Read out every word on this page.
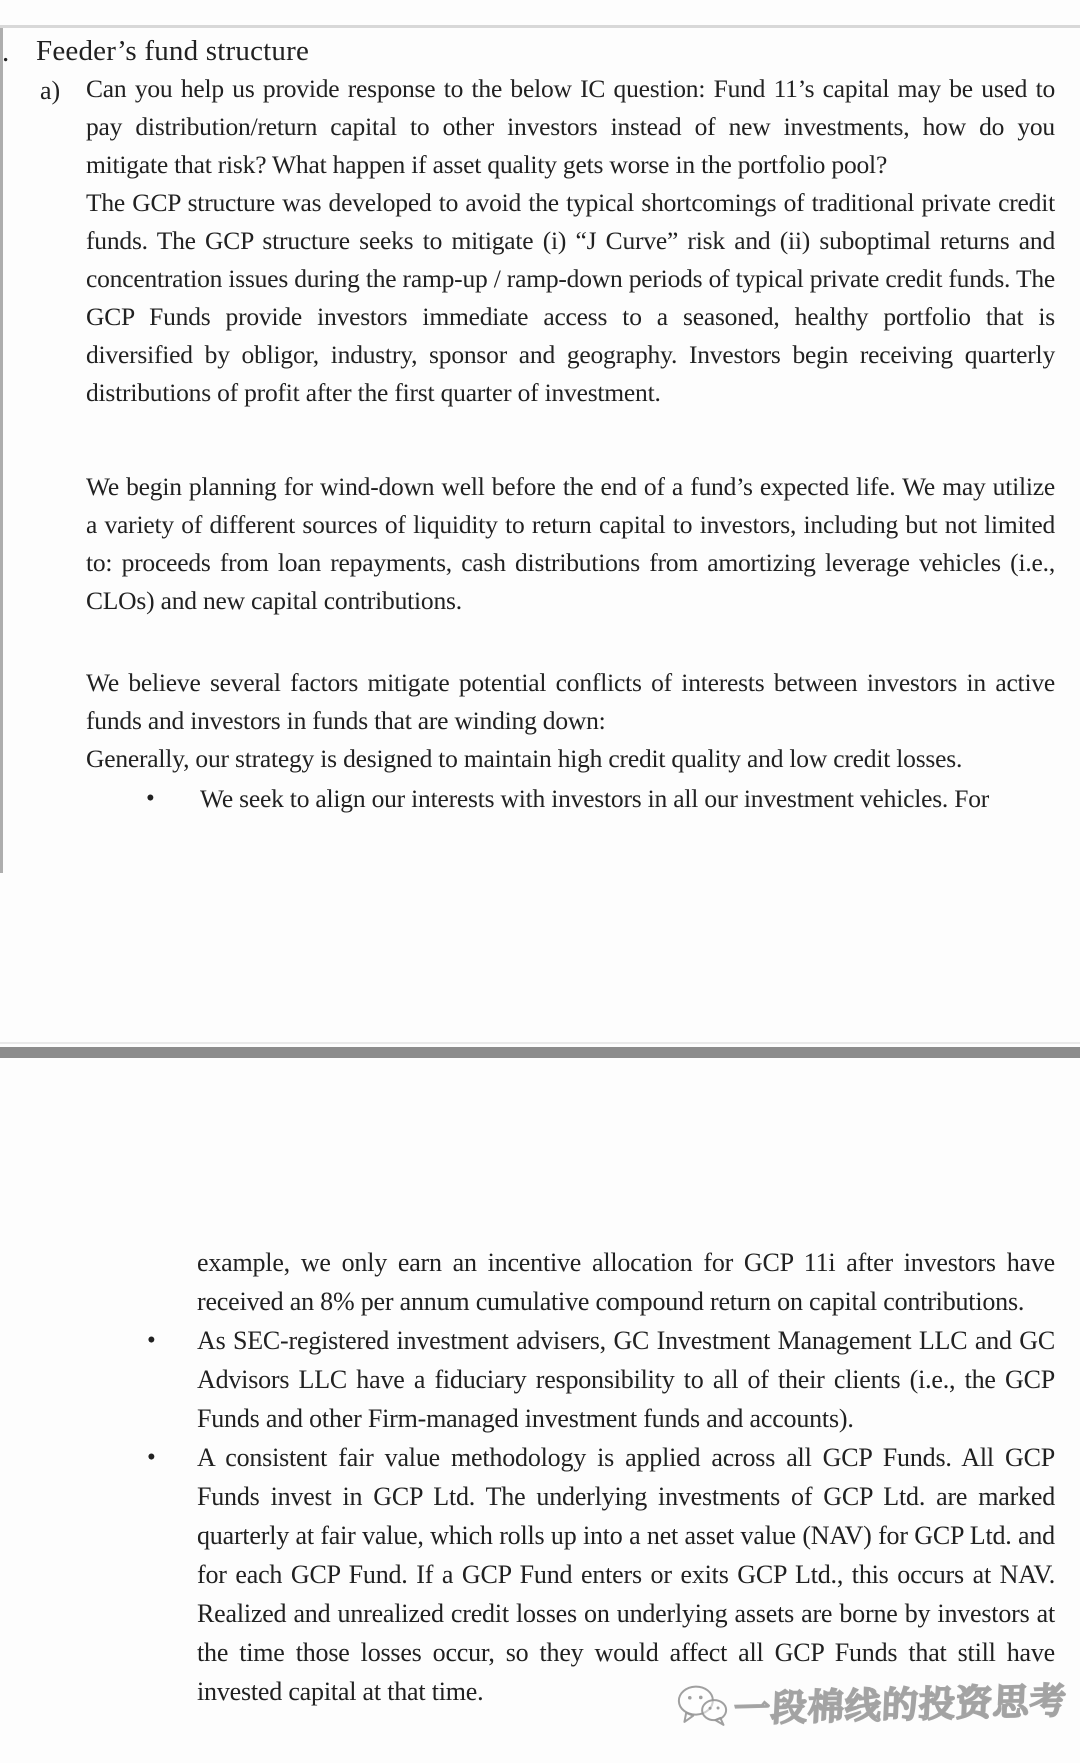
. Feeder’s fund structure
a) Can you help us provide response to the below IC question: Fund 11’s capital may be used to pay distribution/return capital to other investors instead of new investments, how do you mitigate that risk? What happen if asset quality gets worse in the portfolio pool?

The GCP structure was developed to avoid the typical shortcomings of traditional private credit funds. The GCP structure seeks to mitigate (i) “J Curve” risk and (ii) suboptimal returns and concentration issues during the ramp-up / ramp-down periods of typical private credit funds. The GCP Funds provide investors immediate access to a seasoned, healthy portfolio that is diversified by obligor, industry, sponsor and geography. Investors begin receiving quarterly distributions of profit after the first quarter of investment.

We begin planning for wind-down well before the end of a fund’s expected life. We may utilize a variety of different sources of liquidity to return capital to investors, including but not limited to: proceeds from loan repayments, cash distributions from amortizing leverage vehicles (i.e., CLOs) and new capital contributions.

We believe several factors mitigate potential conflicts of interests between investors in active funds and investors in funds that are winding down:

Generally, our strategy is designed to maintain high credit quality and low credit losses.

•	We seek to align our interests with investors in all our investment vehicles. For

example, we only earn an incentive allocation for GCP 11i after investors have received an 8% per annum cumulative compound return on capital contributions.

• As SEC-registered investment advisers, GC Investment Management LLC and GC Advisors LLC have a fiduciary responsibility to all of their clients (i.e., the GCP Funds and other Firm-managed investment funds and accounts).

• A consistent fair value methodology is applied across all GCP Funds. All GCP Funds invest in GCP Ltd. The underlying investments of GCP Ltd. are marked quarterly at fair value, which rolls up into a net asset value (NAV) for GCP Ltd. and for each GCP Fund. If a GCP Fund enters or exits GCP Ltd., this occurs at NAV. Realized and unrealized credit losses on underlying assets are borne by investors at the time those losses occur, so they would affect all GCP Funds that still have invested capital at that time.	一段棉线的投资思考
